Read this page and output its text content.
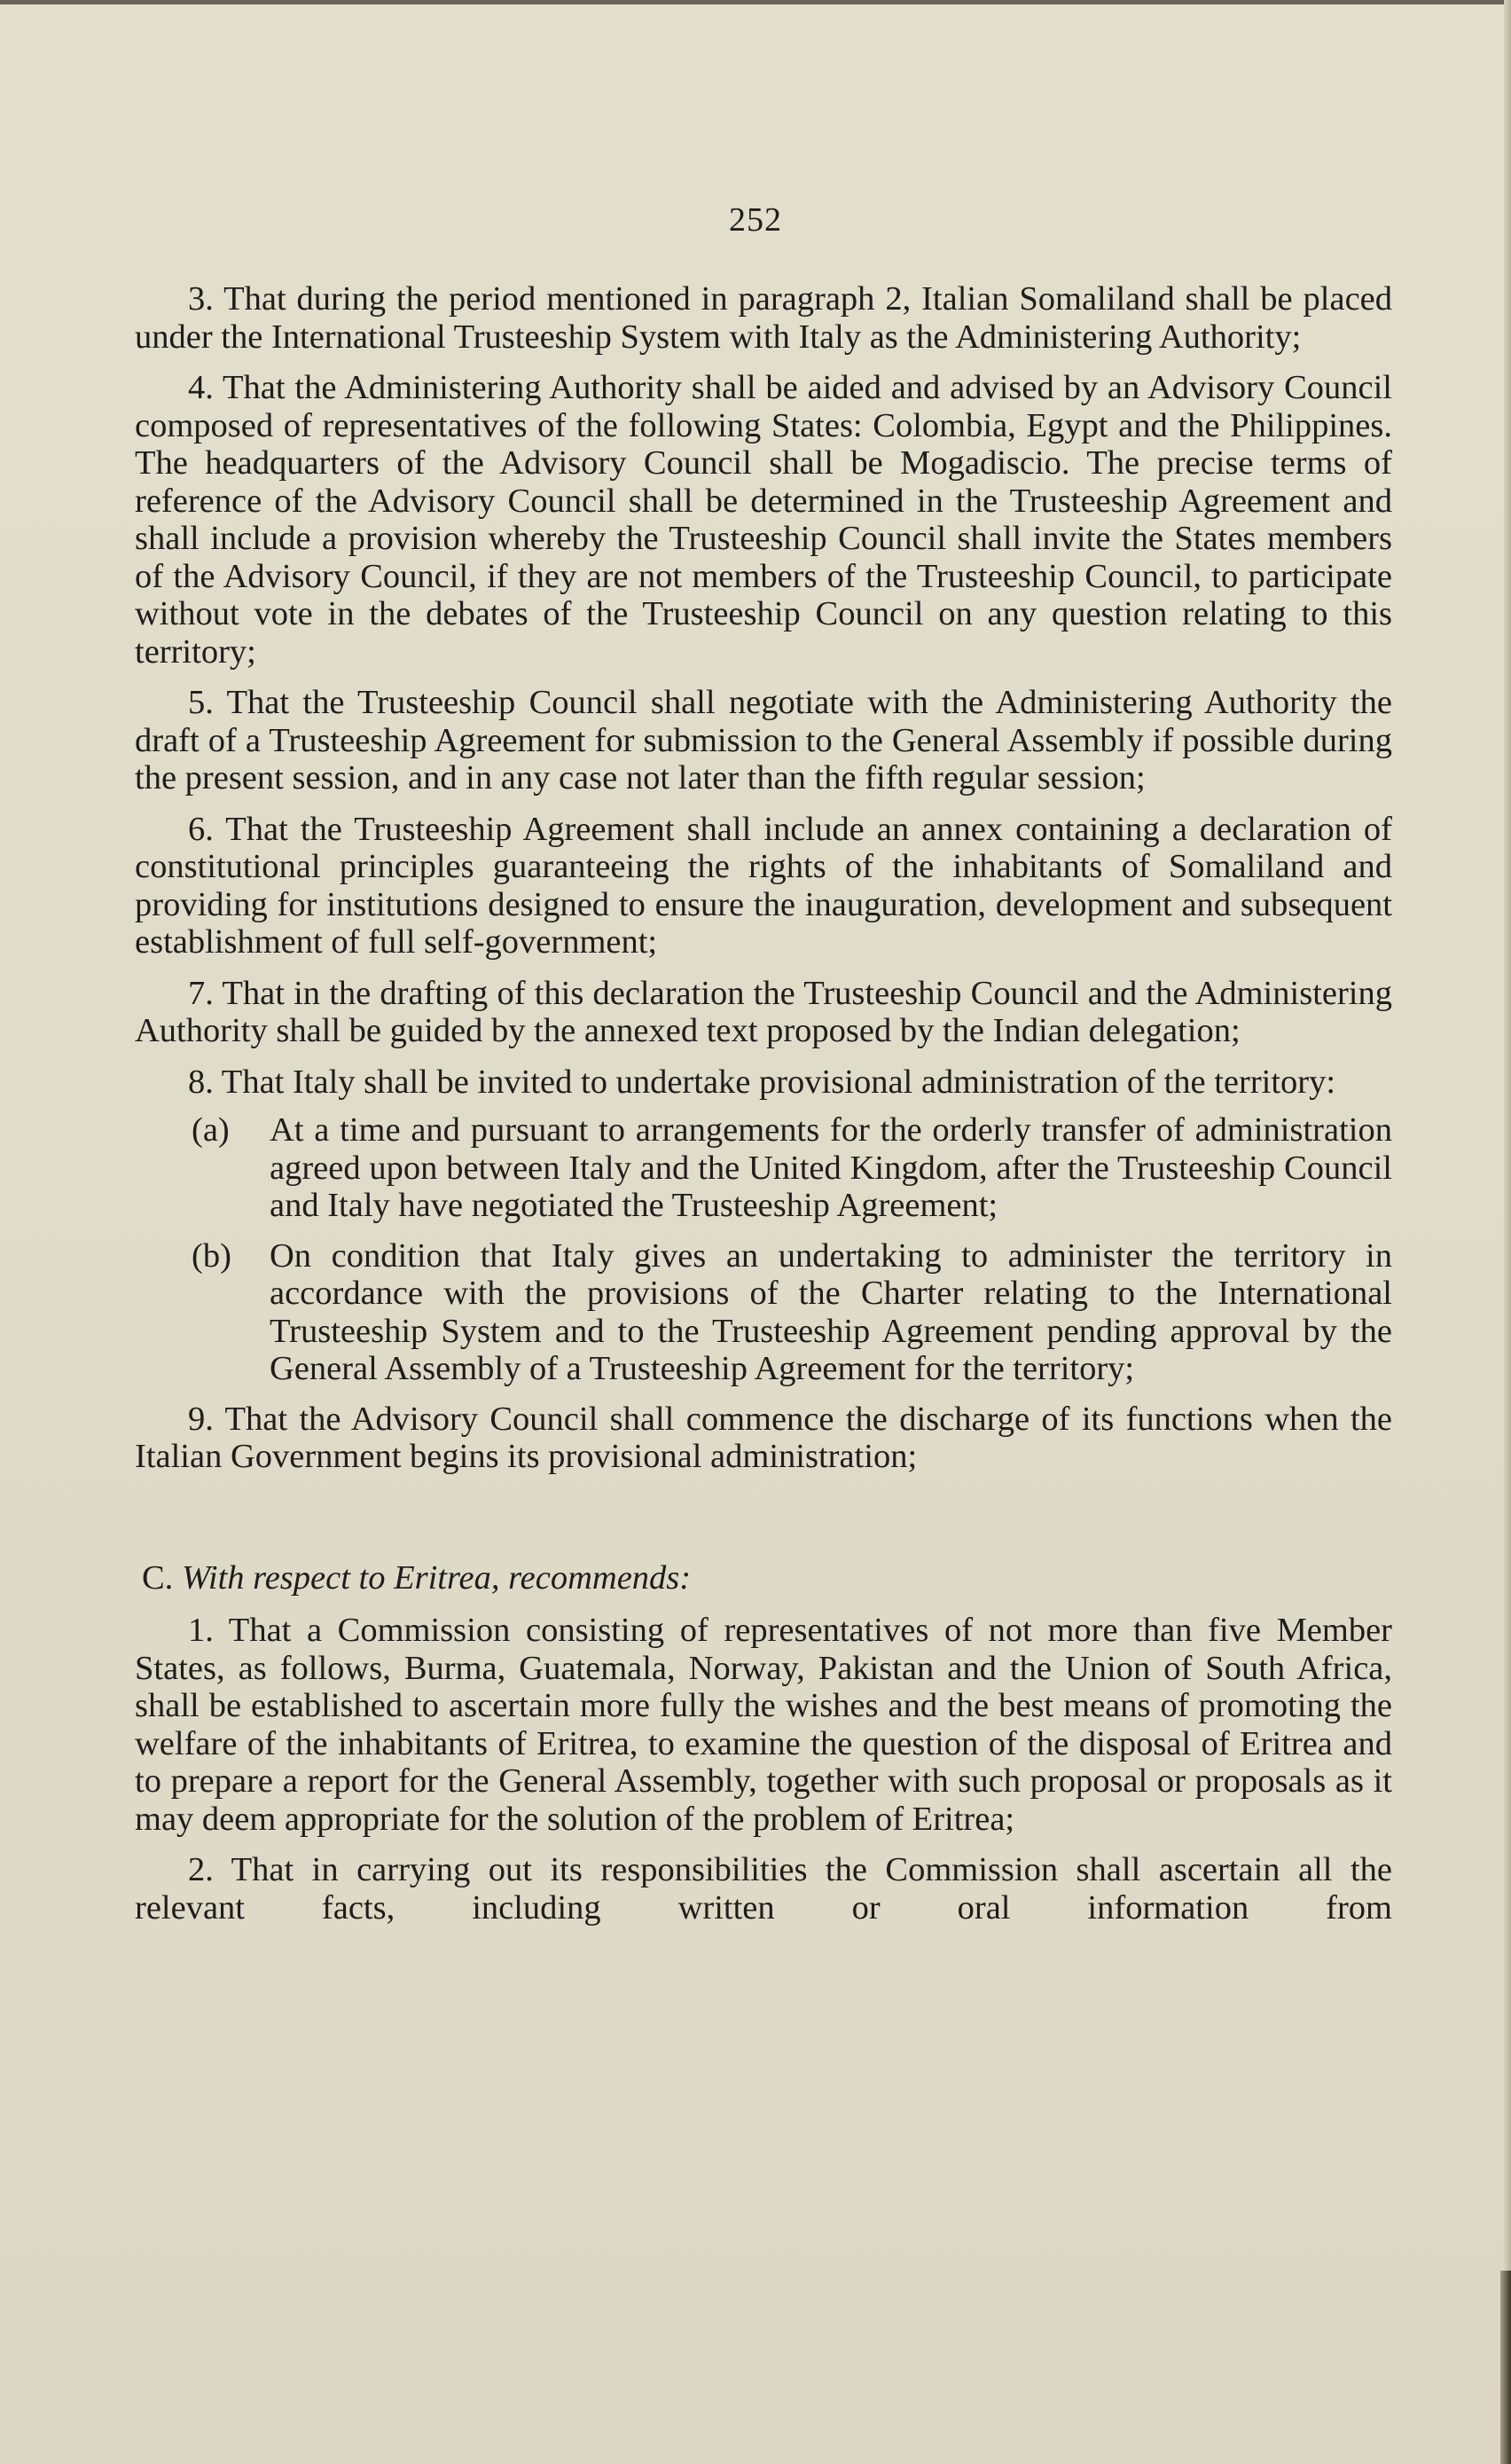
252

3. That during the period mentioned in paragraph 2, Italian Somaliland shall be placed under the International Trusteeship System with Italy as the Administering Authority;

4. That the Administering Authority shall be aided and advised by an Advisory Council composed of representatives of the following States: Colombia, Egypt and the Philippines. The headquarters of the Advisory Council shall be Mogadiscio. The precise terms of reference of the Advisory Council shall be determined in the Trusteeship Agreement and shall include a provision whereby the Trusteeship Council shall invite the States members of the Advisory Council, if they are not members of the Trusteeship Council, to participate without vote in the debates of the Trusteeship Council on any question relating to this territory;

5. That the Trusteeship Council shall negotiate with the Administering Authority the draft of a Trusteeship Agreement for submission to the General Assembly if possible during the present session, and in any case not later than the fifth regular session;

6. That the Trusteeship Agreement shall include an annex containing a declaration of constitutional principles guaranteeing the rights of the inhabitants of Somaliland and providing for institutions designed to ensure the inauguration, development and subsequent establishment of full self-government;

7. That in the drafting of this declaration the Trusteeship Council and the Administering Authority shall be guided by the annexed text proposed by the Indian delegation;

8. That Italy shall be invited to undertake provisional administration of the territory:

(a) At a time and pursuant to arrangements for the orderly transfer of administration agreed upon between Italy and the United Kingdom, after the Trusteeship Council and Italy have negotiated the Trusteeship Agreement;
(b) On condition that Italy gives an undertaking to administer the territory in accordance with the provisions of the Charter relating to the International Trusteeship System and to the Trusteeship Agreement pending approval by the General Assembly of a Trusteeship Agreement for the territory;

9. That the Advisory Council shall commence the discharge of its functions when the Italian Government begins its provisional administration;

C. With respect to Eritrea, recommends:

1. That a Commission consisting of representatives of not more than five Member States, as follows, Burma, Guatemala, Norway, Pakistan and the Union of South Africa, shall be established to ascertain more fully the wishes and the best means of promoting the welfare of the inhabitants of Eritrea, to examine the question of the disposal of Eritrea and to prepare a report for the General Assembly, together with such proposal or proposals as it may deem appropriate for the solution of the problem of Eritrea;

2. That in carrying out its responsibilities the Commission shall ascertain all the relevant facts, including written or oral information from
